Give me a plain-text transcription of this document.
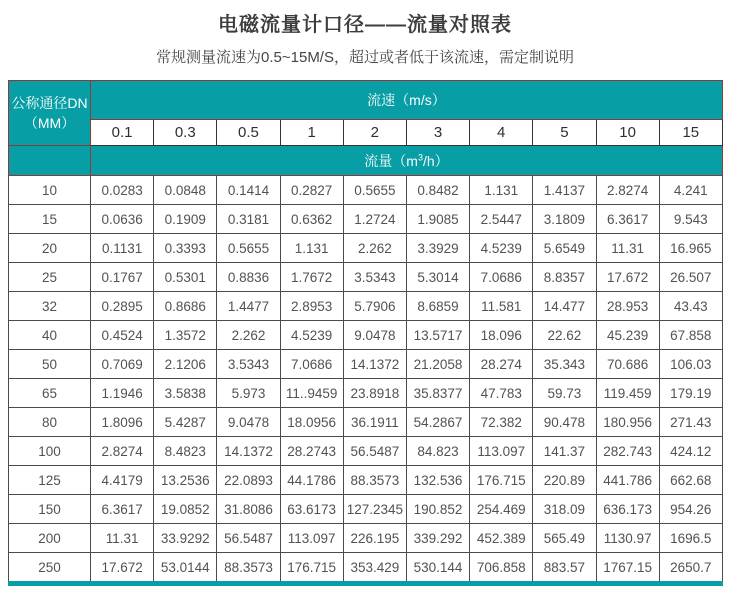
电磁流量计口径——流量对照表

常规测量流速为0.5~15M/S，超过或者低于该流速，需定制说明

公称通径DN
（MM）	流速（m/s）									
	0.1	0.3	0.5	1	2	3	4	5	10	15
	流量$(m^3/h)$									
10	0.0283	0.0848	0.1414	0.2827	0.5655	0.8482	1.131	1.4137	2.8274	4.241
15	0.0636	0.1909	0.3181	0.6362	1.2724	1.9085	2.5447	3.1809	6.3617	9.543
20	0.1131	0.3393	0.5655	1.131	2.262	3.3929	4.5239	5.6549	11.31	16.965
25	0.1767	0.5301	0.8836	1.7672	3.5343	5.3014	7.0686	8.8357	17.672	26.507
32	0.2895	0.8686	1.4477	2.8953	5.7906	8.6859	11.581	14.477	28.953	43.43
40	0.4524	1.3572	2.262	4.5239	9.0478	13.5717	18.096	22.62	45.239	67.858
50	0.7069	2.1206	3.5343	7.0686	14.1372	21.2058	28.274	35.343	70.686	106.03
65	1.1946	3.5838	5.973	11..9459	23.8918	35.8377	47.783	59.73	119.459	179.19
80	1.8096	5.4287	9.0478	18.0956	36.1911	54.2867	72.382	90.478	180.956	271.43
100	2.8274	8.4823	14.1372	28.2743	56.5487	84.823	113.097	141.37	282.743	424.12
125	4.4179	13.2536	22.0893	44.1786	88.3573	132.536	176.715	220.89	441.786	662.68
150	6.3617	19.0852	31.8086	63.6173	127.2345	190.852	254.469	318.09	636.173	954.26
200	11.31	33.9292	56.5487	113.097	226.195	339.292	452.389	565.49	1130.97	1696.5
250	17.672	53.0144	88.3573	176.715	353.429	530.144	706.858	883.57	1767.15	2650.7
